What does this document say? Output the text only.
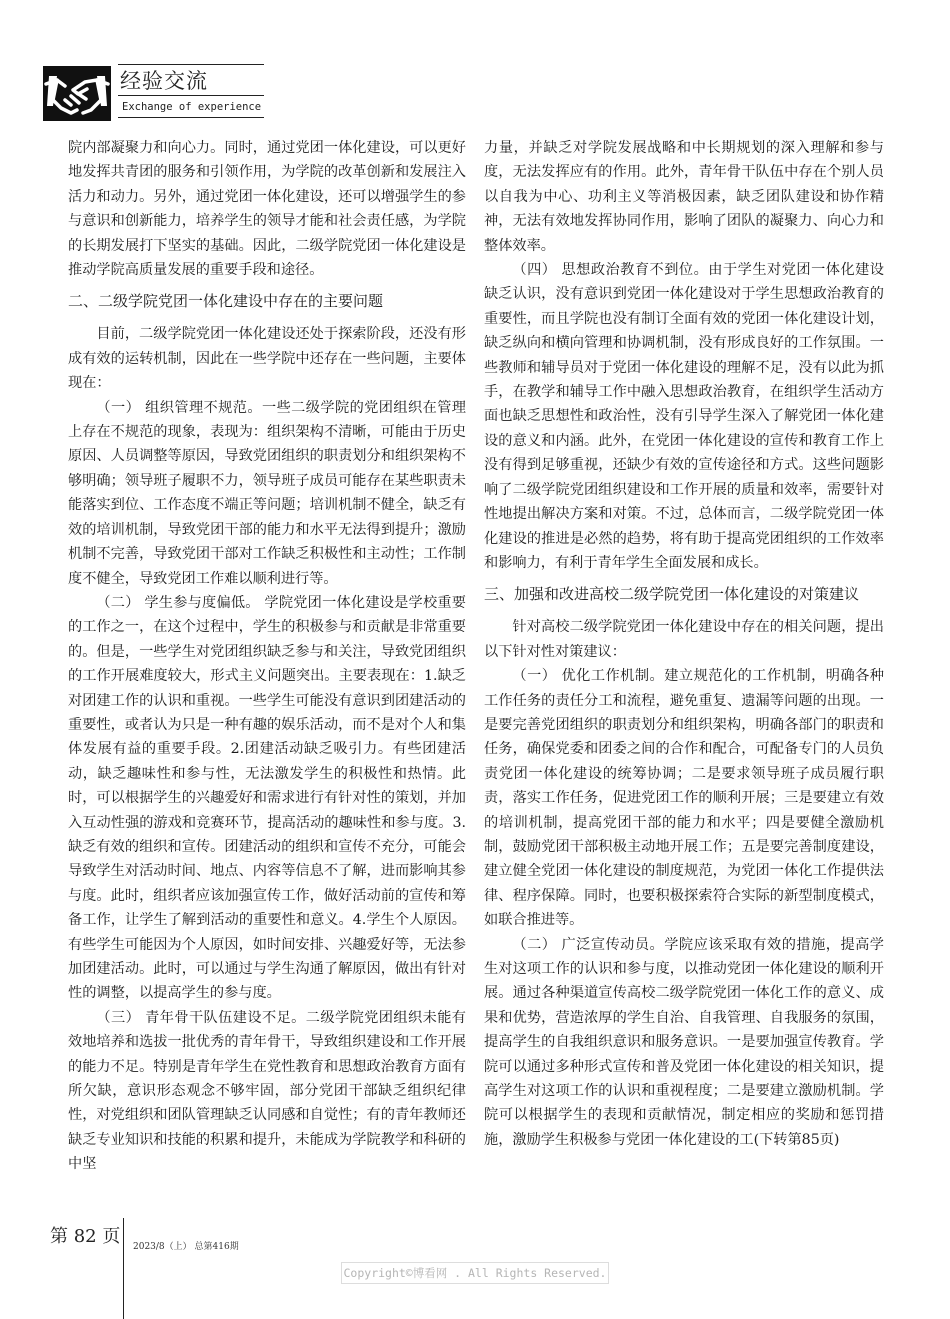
经验交流
Exchange of experience

院内部凝聚力和向心力。同时，通过党团一体化建设，可以更好地发挥共青团的服务和引领作用，为学院的改革创新和发展注入活力和动力。另外，通过党团一体化建设，还可以增强学生的参与意识和创新能力，培养学生的领导才能和社会责任感，为学院的长期发展打下坚实的基础。因此，二级学院党团一体化建设是推动学院高质量发展的重要手段和途径。

二、二级学院党团一体化建设中存在的主要问题

目前，二级学院党团一体化建设还处于探索阶段，还没有形成有效的运转机制，因此在一些学院中还存在一些问题，主要体现在：

（一） 组织管理不规范。一些二级学院的党团组织在管理上存在不规范的现象，表现为：组织架构不清晰，可能由于历史原因、人员调整等原因，导致党团组织的职责划分和组织架构不够明确；领导班子履职不力，领导班子成员可能存在某些职责未能落实到位、工作态度不端正等问题；培训机制不健全，缺乏有效的培训机制，导致党团干部的能力和水平无法得到提升；激励机制不完善，导致党团干部对工作缺乏积极性和主动性；工作制度不健全，导致党团工作难以顺利进行等。

（二） 学生参与度偏低。 学院党团一体化建设是学校重要的工作之一，在这个过程中，学生的积极参与和贡献是非常重要的。但是，一些学生对党团组织缺乏参与和关注，导致党团组织的工作开展难度较大，形式主义问题突出。主要表现在：1.缺乏对团建工作的认识和重视。一些学生可能没有意识到团建活动的重要性，或者认为只是一种有趣的娱乐活动，而不是对个人和集体发展有益的重要手段。2.团建活动缺乏吸引力。有些团建活动，缺乏趣味性和参与性，无法激发学生的积极性和热情。此时，可以根据学生的兴趣爱好和需求进行有针对性的策划，并加入互动性强的游戏和竞赛环节，提高活动的趣味性和参与度。3.缺乏有效的组织和宣传。团建活动的组织和宣传不充分，可能会导致学生对活动时间、地点、内容等信息不了解，进而影响其参与度。此时，组织者应该加强宣传工作，做好活动前的宣传和筹备工作，让学生了解到活动的重要性和意义。4.学生个人原因。有些学生可能因为个人原因，如时间安排、兴趣爱好等，无法参加团建活动。此时，可以通过与学生沟通了解原因，做出有针对性的调整，以提高学生的参与度。

（三） 青年骨干队伍建设不足。二级学院党团组织未能有效地培养和选拔一批优秀的青年骨干，导致组织建设和工作开展的能力不足。特别是青年学生在党性教育和思想政治教育方面有所欠缺，意识形态观念不够牢固，部分党团干部缺乏组织纪律性，对党组织和团队管理缺乏认同感和自觉性；有的青年教师还缺乏专业知识和技能的积累和提升，未能成为学院教学和科研的中坚

力量，并缺乏对学院发展战略和中长期规划的深入理解和参与度，无法发挥应有的作用。此外，青年骨干队伍中存在个别人员以自我为中心、功利主义等消极因素，缺乏团队建设和协作精神，无法有效地发挥协同作用，影响了团队的凝聚力、向心力和整体效率。

（四） 思想政治教育不到位。由于学生对党团一体化建设缺乏认识，没有意识到党团一体化建设对于学生思想政治教育的重要性，而且学院也没有制订全面有效的党团一体化建设计划，缺乏纵向和横向管理和协调机制，没有形成良好的工作氛围。一些教师和辅导员对于党团一体化建设的理解不足，没有以此为抓手，在教学和辅导工作中融入思想政治教育，在组织学生活动方面也缺乏思想性和政治性，没有引导学生深入了解党团一体化建设的意义和内涵。此外，在党团一体化建设的宣传和教育工作上没有得到足够重视，还缺少有效的宣传途径和方式。这些问题影响了二级学院党团组织建设和工作开展的质量和效率，需要针对性地提出解决方案和对策。不过，总体而言，二级学院党团一体化建设的推进是必然的趋势，将有助于提高党团组织的工作效率和影响力，有利于青年学生全面发展和成长。

三、加强和改进高校二级学院党团一体化建设的对策建议

针对高校二级学院党团一体化建设中存在的相关问题，提出以下针对性对策建议：

（一） 优化工作机制。建立规范化的工作机制，明确各种工作任务的责任分工和流程，避免重复、遗漏等问题的出现。一是要完善党团组织的职责划分和组织架构，明确各部门的职责和任务，确保党委和团委之间的合作和配合，可配备专门的人员负责党团一体化建设的统筹协调；二是要求领导班子成员履行职责，落实工作任务，促进党团工作的顺利开展；三是要建立有效的培训机制，提高党团干部的能力和水平；四是要健全激励机制，鼓励党团干部积极主动地开展工作；五是要完善制度建设，建立健全党团一体化建设的制度规范，为党团一体化工作提供法律、程序保障。同时，也要积极探索符合实际的新型制度模式，如联合推进等。

（二） 广泛宣传动员。学院应该采取有效的措施，提高学生对这项工作的认识和参与度，以推动党团一体化建设的顺利开展。通过各种渠道宣传高校二级学院党团一体化工作的意义、成果和优势，营造浓厚的学生自治、自我管理、自我服务的氛围，提高学生的自我组织意识和服务意识。一是要加强宣传教育。学院可以通过多种形式宣传和普及党团一体化建设的相关知识，提高学生对这项工作的认识和重视程度；二是要建立激励机制。学院可以根据学生的表现和贡献情况，制定相应的奖励和惩罚措施，激励学生积极参与党团一体化建设的工(下转第85页)

第 82 页 2023/8（上） 总第416期
Copyright©博看网 . All Rights Reserved.
